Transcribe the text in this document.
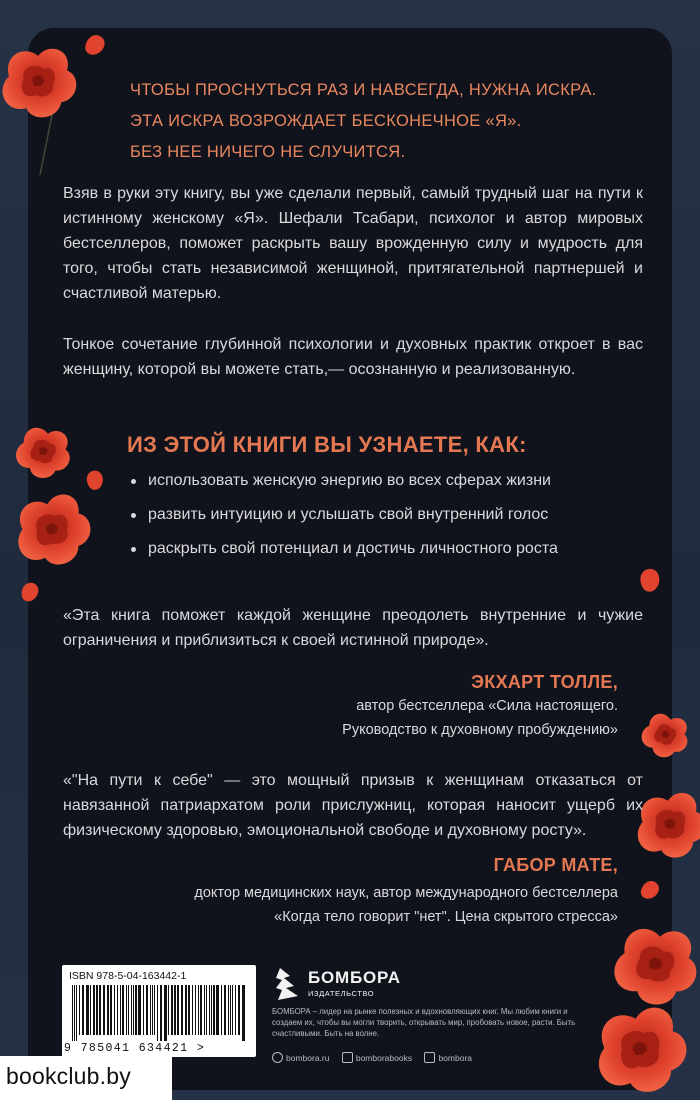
ЧТОБЫ ПРОСНУТЬСЯ РАЗ И НАВСЕГДА, НУЖНА ИСКРА.
ЭТА ИСКРА ВОЗРОЖДАЕТ БЕСКОНЕЧНОЕ «Я».
БЕЗ НЕЕ НИЧЕГО НЕ СЛУЧИТСЯ.
Взяв в руки эту книгу, вы уже сделали первый, самый трудный шаг на пути к истинному женскому «Я». Шефали Тсабари, психолог и автор мировых бестселлеров, поможет раскрыть вашу врожденную силу и мудрость для того, чтобы стать независимой женщиной, притягательной партнершей и счастливой матерью.
Тонкое сочетание глубинной психологии и духовных практик откроет в вас женщину, которой вы можете стать,— осознанную и реализованную.
ИЗ ЭТОЙ КНИГИ ВЫ УЗНАЕТЕ, КАК:
использовать женскую энергию во всех сферах жизни
развить интуицию и услышать свой внутренний голос
раскрыть свой потенциал и достичь личностного роста
«Эта книга поможет каждой женщине преодолеть внутренние и чужие ограничения и приблизиться к своей истинной природе».
ЭКХАРТ ТОЛЛЕ,
автор бестселлера «Сила настоящего.
Руководство к духовному пробуждению»
«"На пути к себе" — это мощный призыв к женщинам отказаться от навязанной патриархатом роли прислужниц, которая наносит ущерб их физическому здоровью, эмоциональной свободе и духовному росту».
ГАБОР МАТЕ,
доктор медицинских наук, автор международного бестселлера
«Когда тело говорит "нет". Цена скрытого стресса»
ISBN 978-5-04-163442-1
9 785041 634421 >
БОМБОРА
ИЗДАТЕЛЬСТВО
БОМБОРА – лидер на рынке полезных и вдохновляющих книг. Мы любим книги и создаем их, чтобы вы могли творить, открывать мир, пробовать новое, расти. Быть счастливыми. Быть на волне.
bombora.ru	bomborabooks	bombora
bookclub.by
